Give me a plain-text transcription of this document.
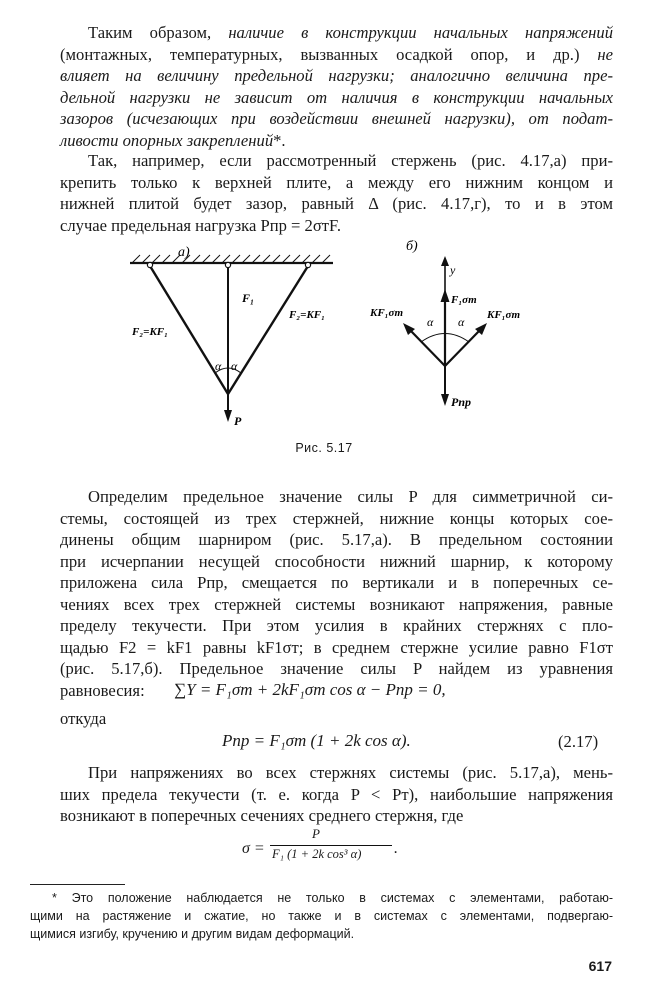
Таким образом, наличие в конструкции начальных напряжений
(монтажных, температурных, вызванных осадкой опор, и др.) не
влияет на величину предельной нагрузки; аналогично величина пре-
дельной нагрузки не зависит от наличия в конструкции начальных
зазоров (исчезающих при воздействии внешней нагрузки), от подат-
ливости опорных закреплений*.
Так, например, если рассмотренный стержень (рис. 4.17,а) при-
крепить только к верхней плите, а между его нижним концом и
нижней плитой будет зазор, равный Δ (рис. 4.17,г), то и в этом
случае предельная нагрузка Pпр = 2σтF.
а)
α α
P
F₁
F₂=KF₁
F₂=KF₁
б)
y
F₁σт
KF₁σт	KF₁σт
α α
Pпр
Рис. 5.17
Определим предельное значение силы P для симметричной си-
стемы, состоящей из трех стержней, нижние концы которых сое-
динены общим шарниром (рис. 5.17,а). В предельном состоянии
при исчерпании несущей способности нижний шарнир, к которому
приложена сила Pпр, смещается по вертикали и в поперечных се-
чениях всех трех стержней системы возникают напряжения, равные
пределу текучести. При этом усилия в крайних стержнях с пло-
щадью F2 = kF1 равны kF1σт; в среднем стержне усилие равно F1σт
(рис. 5.17,б). Предельное значение силы P найдем из уравнения
равновесия:	∑Y = F₁σт + 2kF₁σт cos α − Pпр = 0,
откуда
Pпр = F₁σт (1 + 2k cos α).	(2.17)
При напряжениях во всех стержнях системы (рис. 5.17,а), мень-
ших предела текучести (т. е. когда P < Pт), наибольшие напряжения
возникают в поперечных сечениях среднего стержня, где
σ =
P
F₁ (1 + 2k cos³ α) .
* Это положение наблюдается не только в системах с элементами, работаю-
щими на растяжение и сжатие, но также и в системах с элементами, подвергаю-
щимися изгибу, кручению и другим видам деформаций.
617
